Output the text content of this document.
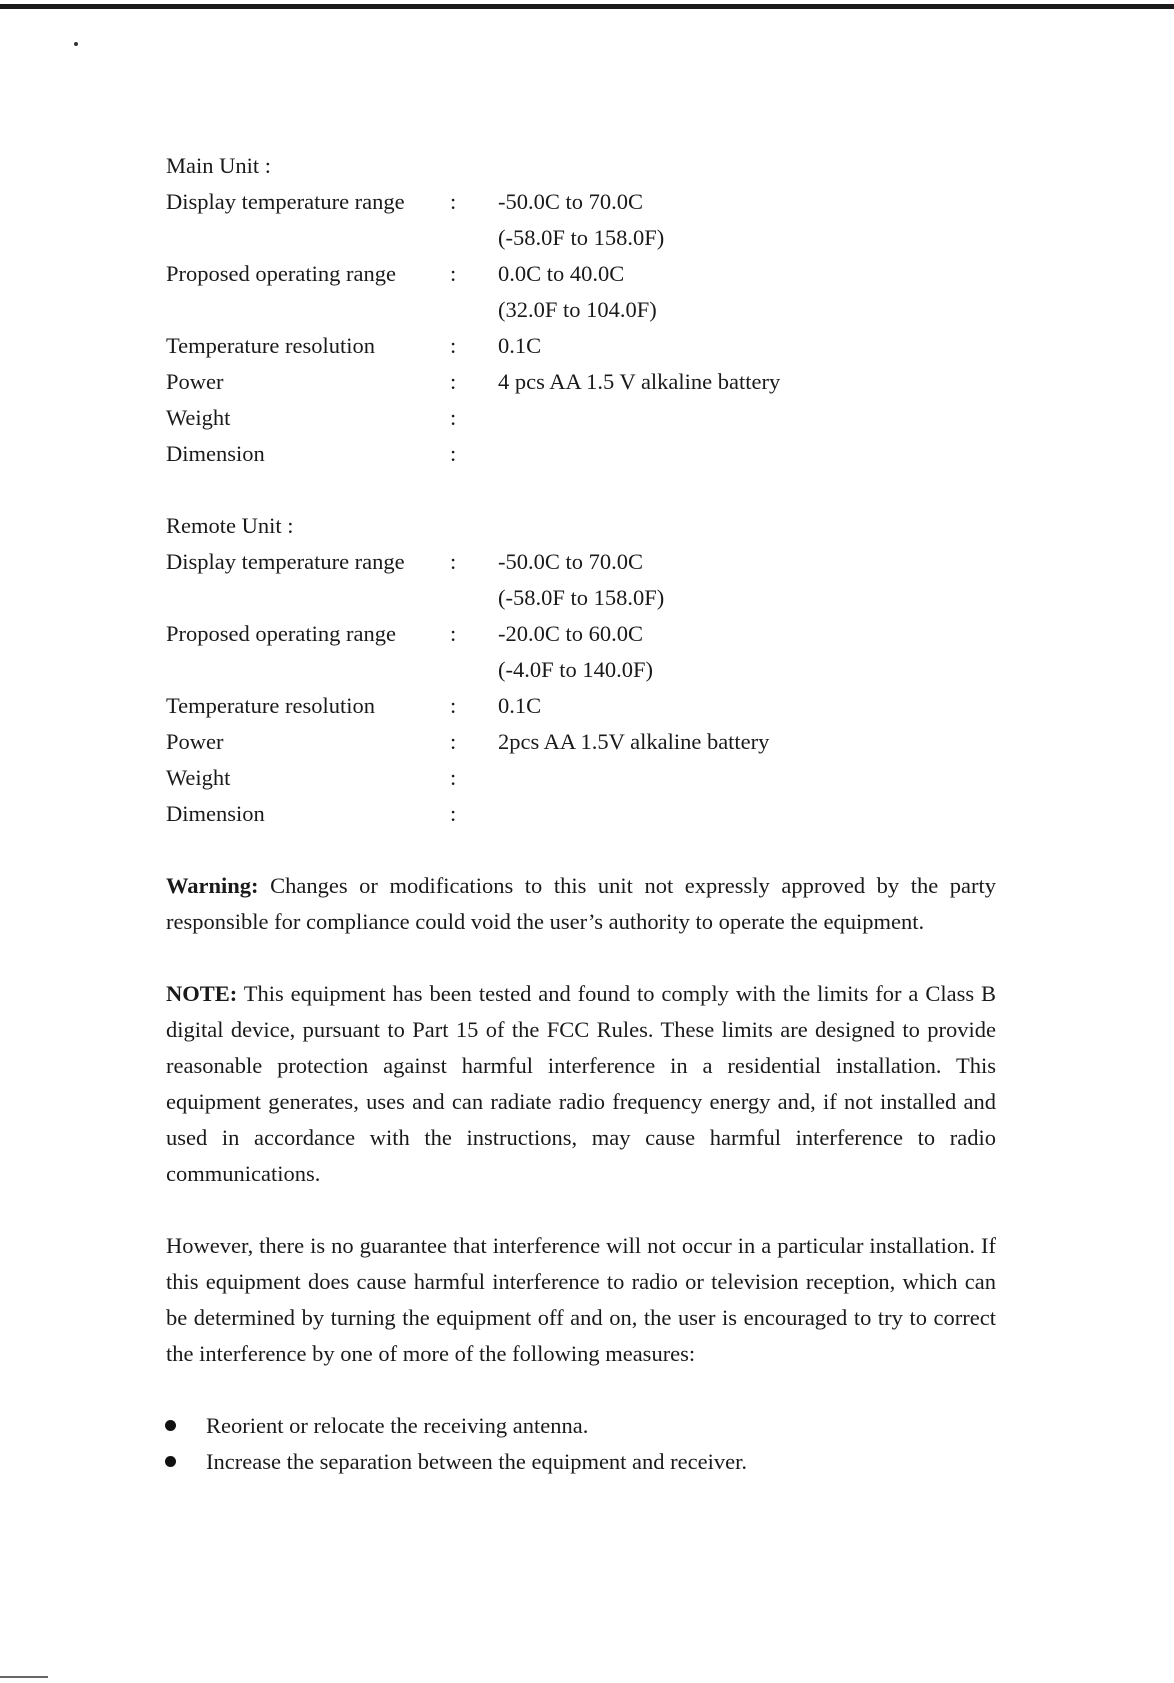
Main Unit :
Display temperature range	:	-50.0C to 70.0C
(-58.0F to 158.0F)
Proposed operating range	:	0.0C to 40.0C
(32.0F to 104.0F)
Temperature resolution	:	0.1C
Power	:	4 pcs AA 1.5 V alkaline battery
Weight	:
Dimension	:
Remote Unit :
Display temperature range	:	-50.0C to 70.0C
(-58.0F to 158.0F)
Proposed operating range	:	-20.0C to 60.0C
(-4.0F to 140.0F)
Temperature resolution	:	0.1C
Power	:	2pcs AA 1.5V alkaline battery
Weight	:
Dimension	:

Warning: Changes or modifications to this unit not expressly approved by the party responsible for compliance could void the user’s authority to operate the equipment.

NOTE: This equipment has been tested and found to comply with the limits for a Class B digital device, pursuant to Part 15 of the FCC Rules. These limits are designed to provide reasonable protection against harmful interference in a residential installation. This equipment generates, uses and can radiate radio frequency energy and, if not installed and used in accordance with the instructions, may cause harmful interference to radio communications.

However, there is no guarantee that interference will not occur in a particular installation. If this equipment does cause harmful interference to radio or television reception, which can be determined by turning the equipment off and on, the user is encouraged to try to correct the interference by one of more of the following measures:

Reorient or relocate the receiving antenna.
Increase the separation between the equipment and receiver.
